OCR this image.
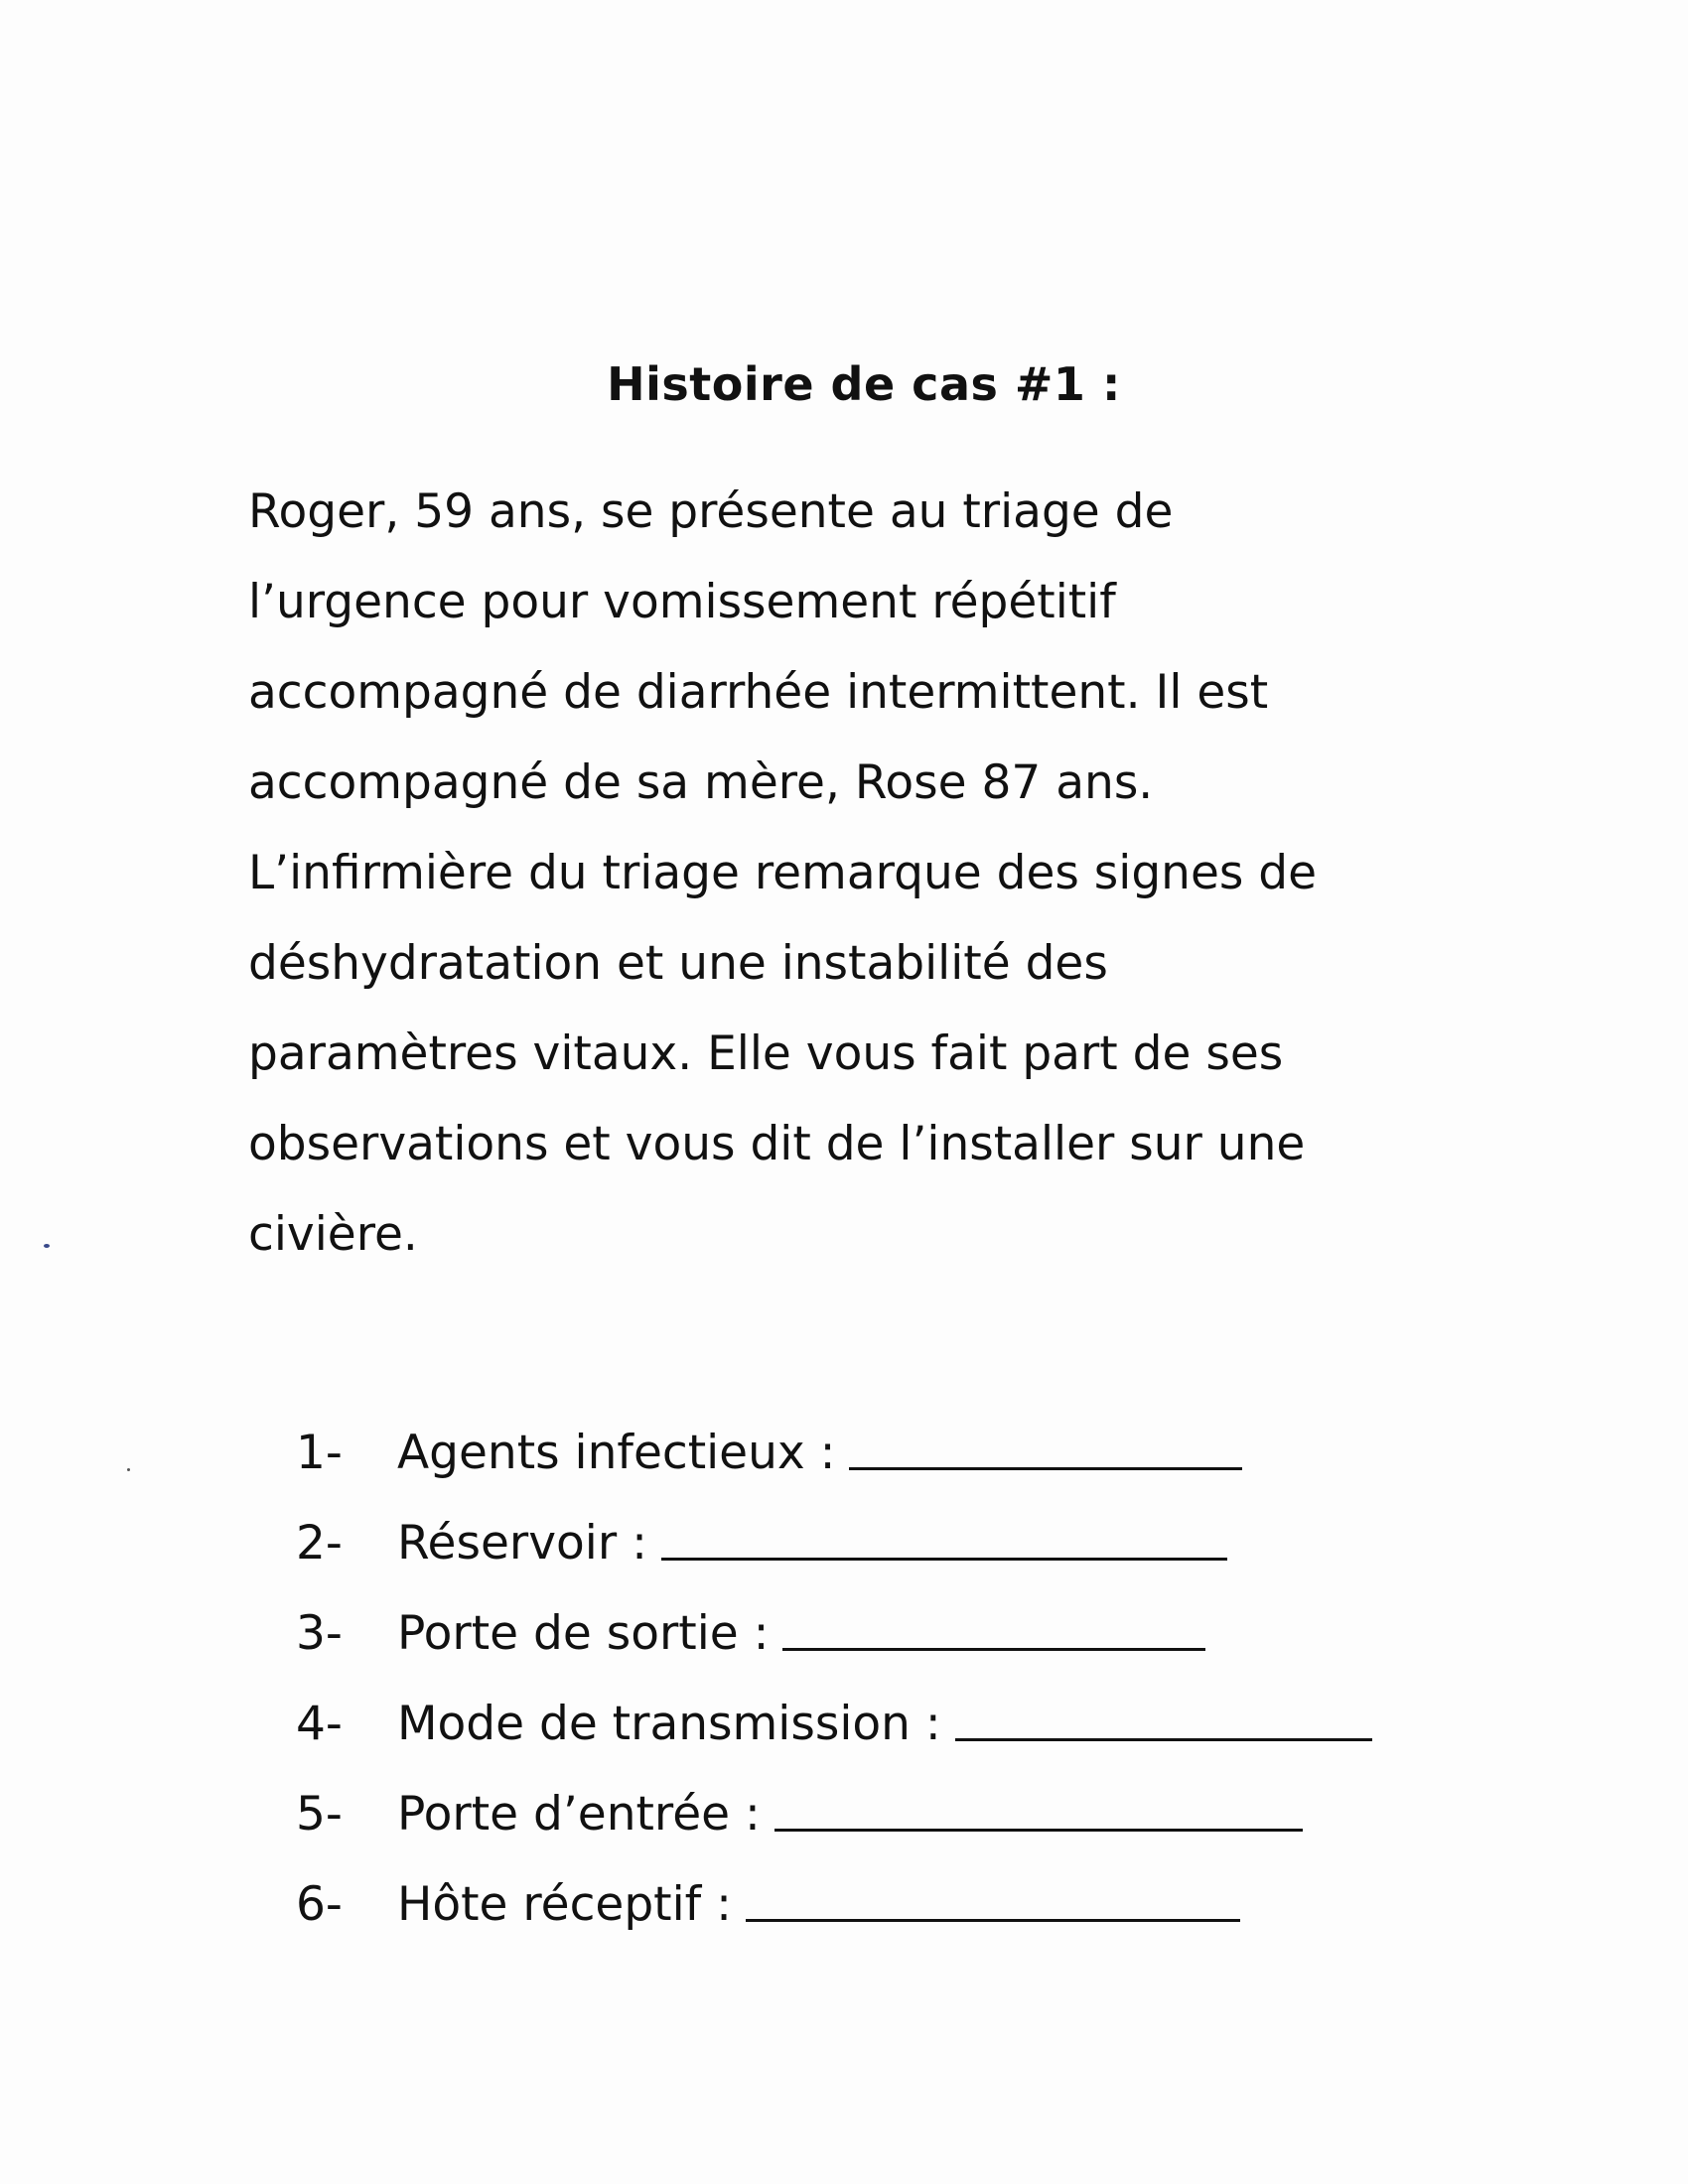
Histoire de cas #1 :
Roger, 59 ans, se présente au triage de
l’urgence pour vomissement répétitif
accompagné de diarrhée intermittent. Il est
accompagné de sa mère, Rose 87 ans.
L’infirmière du triage remarque des signes de
déshydratation et une instabilité des
paramètres vitaux. Elle vous fait part de ses
observations et vous dit de l’installer sur une
civière.
1-	Agents infectieux :
2-	Réservoir :
3-	Porte de sortie :
4-	Mode de transmission :
5-	Porte d’entrée :
6-	Hôte réceptif :
